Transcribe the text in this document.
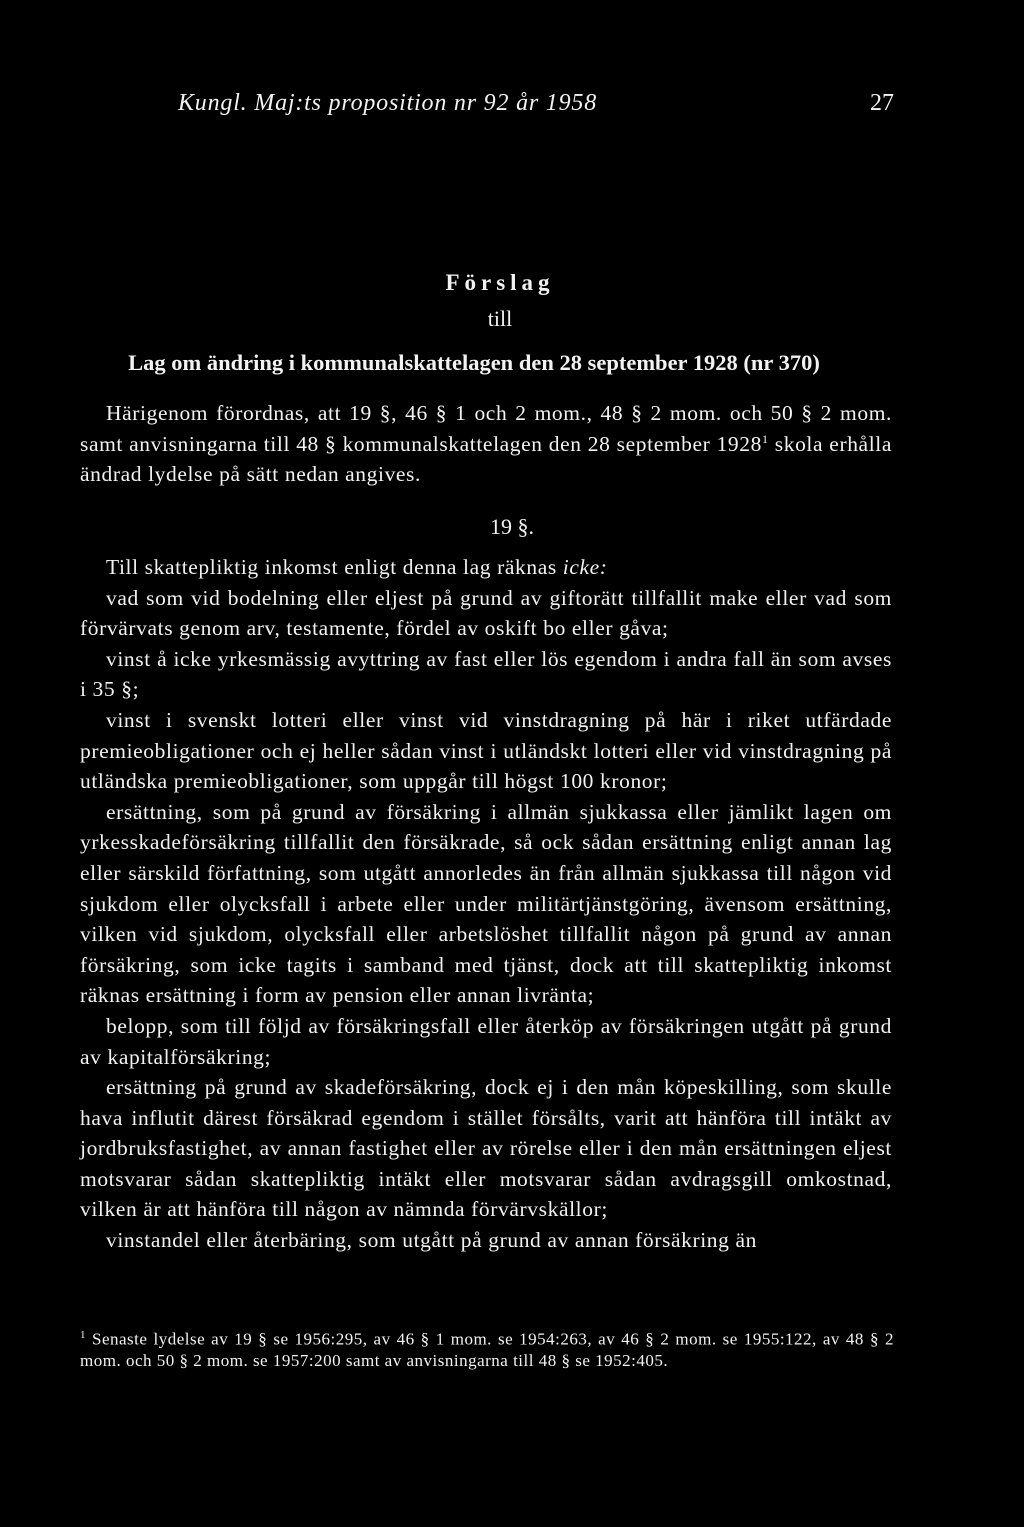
Kungl. Maj:ts proposition nr 92 år 1958	27
Förslag
till
Lag om ändring i kommunalskattelagen den 28 september 1928 (nr 370)
Härigenom förordnas, att 19 §, 46 § 1 och 2 mom., 48 § 2 mom. och 50 § 2 mom. samt anvisningarna till 48 § kommunalskattelagen den 28 september 1928$^1$ skola erhålla ändrad lydelse på sätt nedan angives.
19 §.

Till skattepliktig inkomst enligt denna lag räknas icke:

vad som vid bodelning eller eljest på grund av giftorätt tillfallit make eller vad som förvärvats genom arv, testamente, fördel av oskift bo eller gåva;

vinst å icke yrkesmässig avyttring av fast eller lös egendom i andra fall än som avses i 35 §;

vinst i svenskt lotteri eller vinst vid vinstdragning på här i riket utfärdade premieobligationer och ej heller sådan vinst i utländskt lotteri eller vid vinstdragning på utländska premieobligationer, som uppgår till högst 100 kronor;

ersättning, som på grund av försäkring i allmän sjukkassa eller jämlikt lagen om yrkesskadeförsäkring tillfallit den försäkrade, så ock sådan ersättning enligt annan lag eller särskild författning, som utgått annorledes än från allmän sjukkassa till någon vid sjukdom eller olycksfall i arbete eller under militärtjänstgöring, ävensom ersättning, vilken vid sjukdom, olycksfall eller arbetslöshet tillfallit någon på grund av annan försäkring, som icke tagits i samband med tjänst, dock att till skattepliktig inkomst räknas ersättning i form av pension eller annan livränta;

belopp, som till följd av försäkringsfall eller återköp av försäkringen utgått på grund av kapitalförsäkring;

ersättning på grund av skadeförsäkring, dock ej i den mån köpeskilling, som skulle hava influtit därest försäkrad egendom i stället försålts, varit att hänföra till intäkt av jordbruksfastighet, av annan fastighet eller av rörelse eller i den mån ersättningen eljest motsvarar sådan skattepliktig intäkt eller motsvarar sådan avdragsgill omkostnad, vilken är att hänföra till någon av nämnda förvärvskällor;

vinstandel eller återbäring, som utgått på grund av annan försäkring än

$^1$ Senaste lydelse av 19 § se 1956:295, av 46 § 1 mom. se 1954:263, av 46 § 2 mom. se 1955:122, av 48 § 2 mom. och 50 § 2 mom. se 1957:200 samt av anvisningarna till 48 § se 1952:405.
